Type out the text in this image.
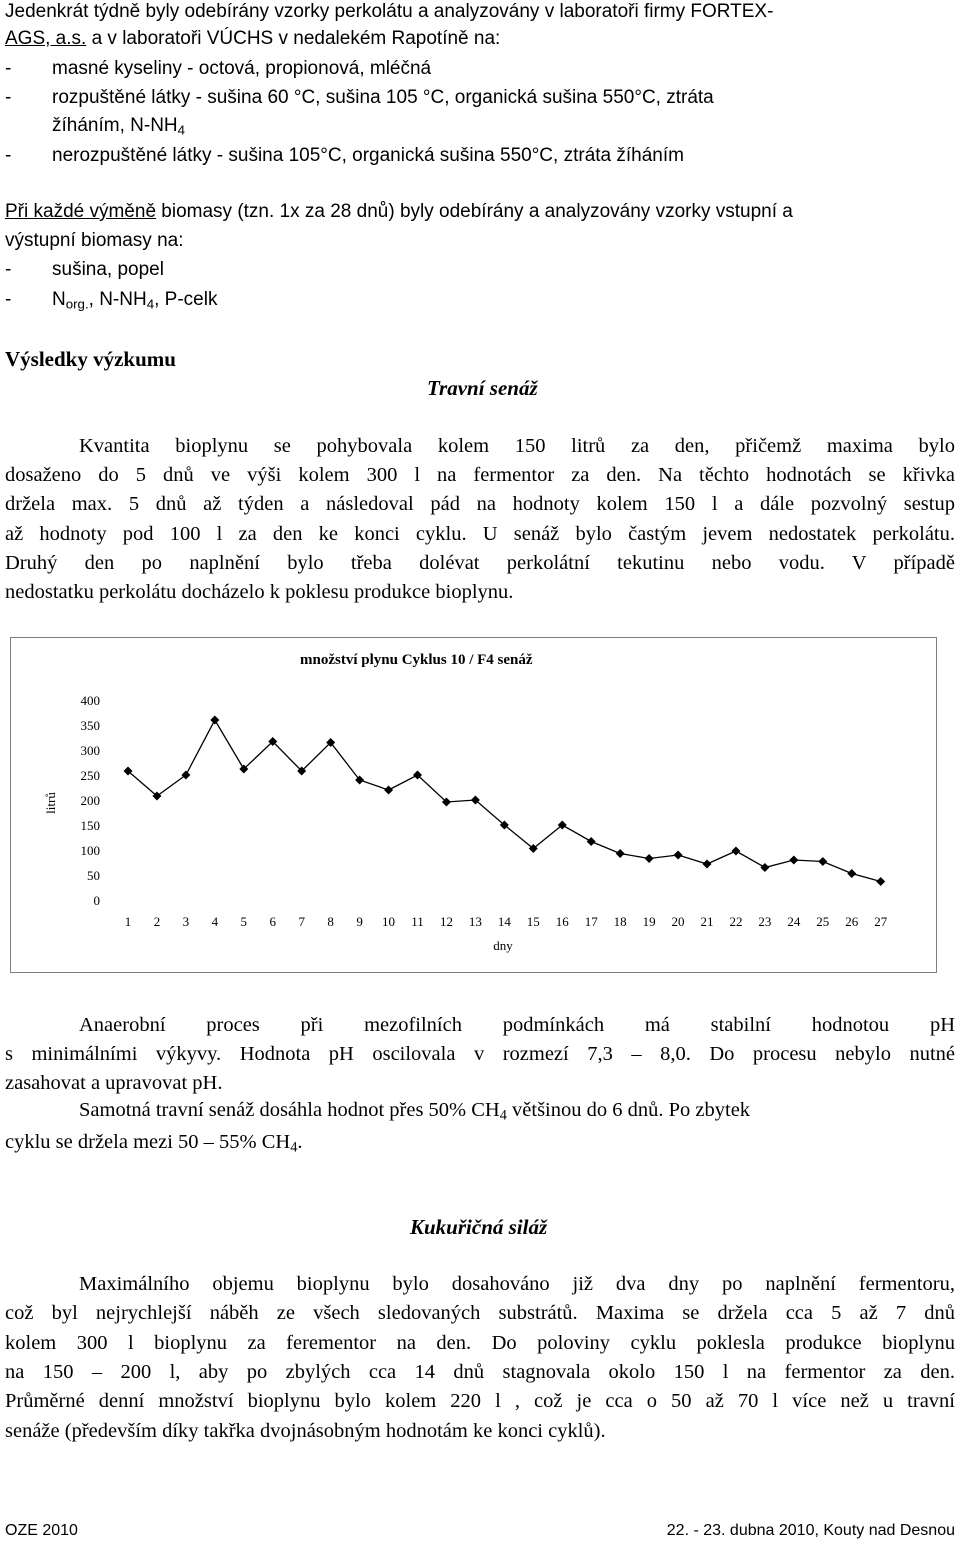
Jedenkrát týdně byly odebírány vzorky perkolátu a analyzovány v laboratoři firmy FORTEX-
AGS, a.s. a v laboratoři VÚCHS v nedalekém Rapotíně na:
- masné kyseliny - octová, propionová, mléčná
- rozpuštěné látky - sušina 60 °C, sušina 105 °C, organická sušina 550°C, ztráta
žíháním, $N-NH_4$
- nerozpuštěné látky - sušina 105°C, organická sušina 550°C, ztráta žíháním
Při každé výměně biomasy (tzn. 1x za 28 dnů) byly odebírány a analyzovány vzorky vstupní a
výstupní biomasy na:
- sušina, popel
- $N_{org.}$, $N-NH_4$, P-celk
Výsledky výzkumu
Travní senáž
Kvantita bioplynu se pohybovala kolem 150 litrů za den, přičemž maxima bylo
dosaženo do 5 dnů ve výši kolem 300 l na fermentor za den. Na těchto hodnotách se křivka
držela max. 5 dnů až týden a následoval pád na hodnoty kolem 150 l a dále pozvolný sestup
až hodnoty pod 100 l za den ke konci cyklu. U senáž bylo častým jevem nedostatek perkolátu.
Druhý den po naplnění bylo třeba dolévat perkolátní tekutinu nebo vodu. V případě
nedostatku perkolátu docházelo k poklesu produkce bioplynu.
množství plynu Cyklus 10 / F4 senáž
0
50
100
150
200
250
300
350
400
1 2 3 4 5 6 7 8 9 10 11 12 13 14 15 16 17 18 19 20 21 22 23 24 25 26 27
dny
litrů
Anaerobní proces při mezofilních podmínkách má stabilní hodnotou pH
s minimálními výkyvy. Hodnota pH oscilovala v rozmezí 7,3 – 8,0. Do procesu nebylo nutné
zasahovat a upravovat pH.
Samotná travní senáž dosáhla hodnot přes 50% $CH_4$ většinou do 6 dnů. Po zbytek
cyklu se držela mezi 50 – 55% $CH_4$.
Kukuřičná siláž
Maximálního objemu bioplynu bylo dosahováno již dva dny po naplnění fermentoru,
což byl nejrychlejší náběh ze všech sledovaných substrátů. Maxima se držela cca 5 až 7 dnů
kolem 300 l bioplynu za ferementor na den. Do poloviny cyklu poklesla produkce bioplynu
na 150 – 200 l, aby po zbylých cca 14 dnů stagnovala okolo 150 l na fermentor za den.
Průměrné denní množství bioplynu bylo kolem 220 l , což je cca o 50 až 70 l více než u travní
senáže (především díky takřka dvojnásobným hodnotám ke konci cyklů).
OZE 2010	22. - 23. dubna 2010, Kouty nad Desnou
